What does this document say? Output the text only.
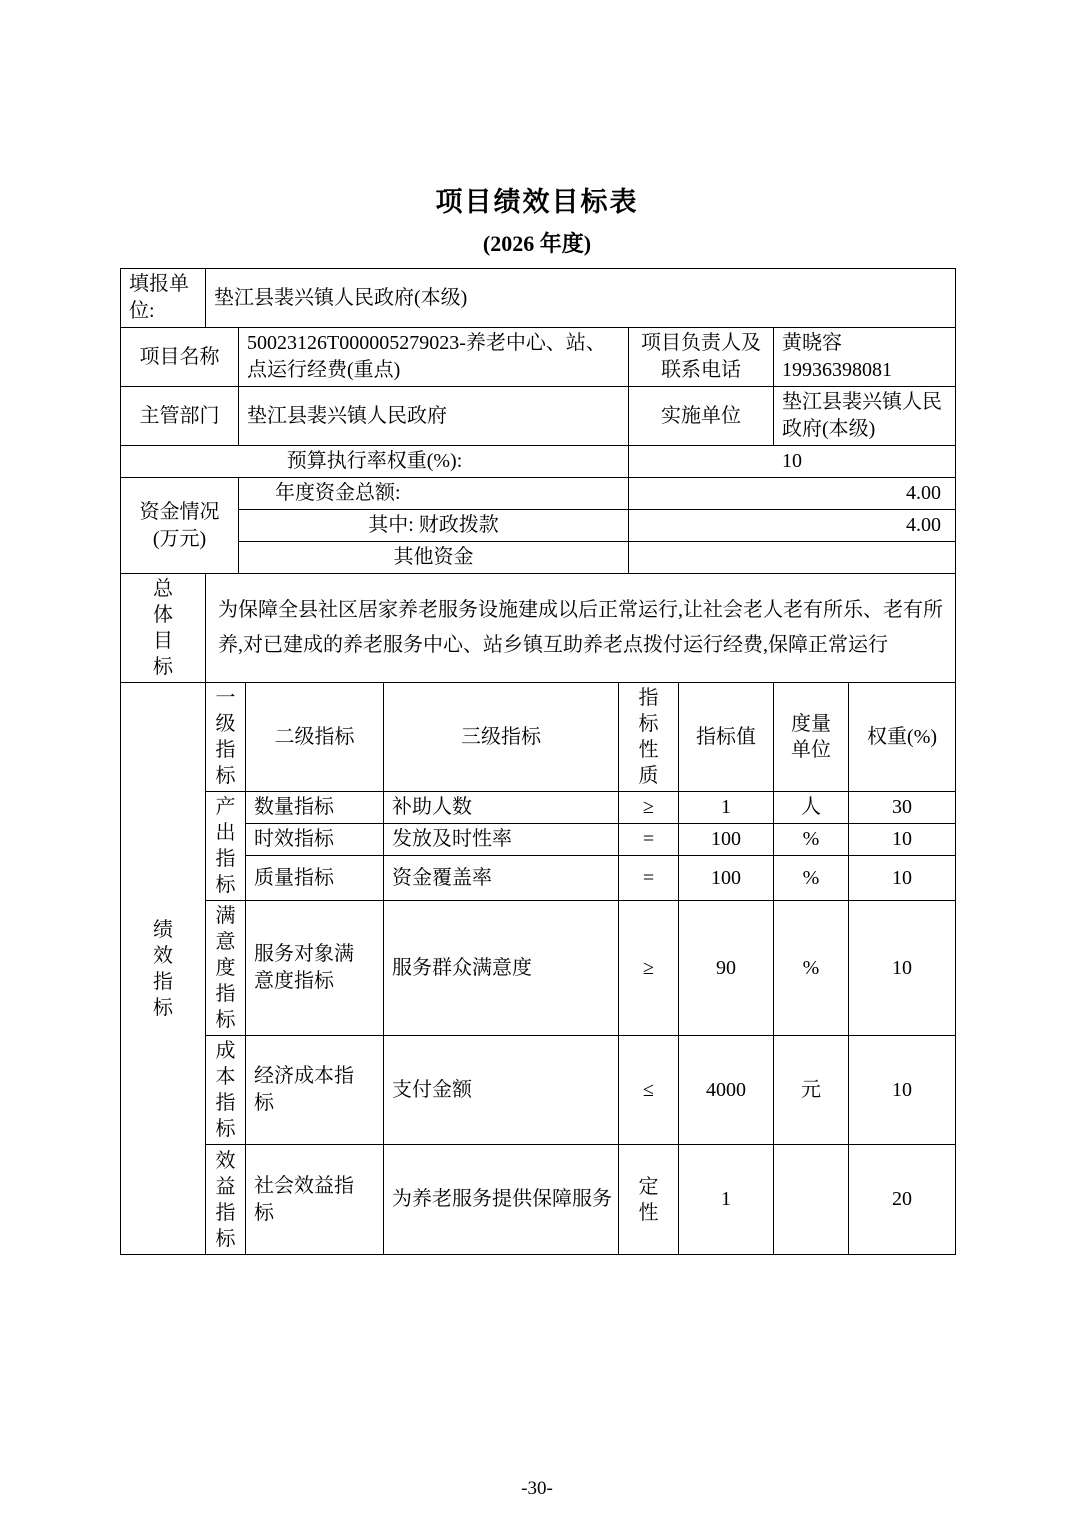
项目绩效目标表
(2026 年度)
填报单位:	垫江县裴兴镇人民政府(本级)								
项目名称		50023126T000005279023-养老中心、站、点运行经费(重点)				项目负责人及联系电话		黄晓容
19936398081	

主管部门		垫江县裴兴镇人民政府				实施单位		垫江县裴兴镇人民政府(本级)	
预算执行率权重(%):						10			
资金情况(万元)		年度资金总额:				4.00			
		其中: 财政拨款				4.00			
		其他资金							

总体目标	为保障全县社区居家养老服务设施建成以后正常运行,让社会老人老有所乐、老有所养,对已建成的养老服务中心、站乡镇互助养老点拨付运行经费,保障正常运行								

绩效指标	一级指标		二级指标	三级指标	指标性质		指标值	度量单位	权重(%)

	产出指标		数量指标	补助人数	≥		1	人	30
			时效指标	发放及时性率	=		100	%	10
			质量指标	资金覆盖率	=		100	%	10

	满意度指标		服务对象满意度指标	服务群众满意度	≥		90	%	10

	成本指标		经济成本指标	支付金额	≤		4000	元	10

	效益指标		社会效益指标	为养老服务提供保障服务	定性		1		20
-30-
